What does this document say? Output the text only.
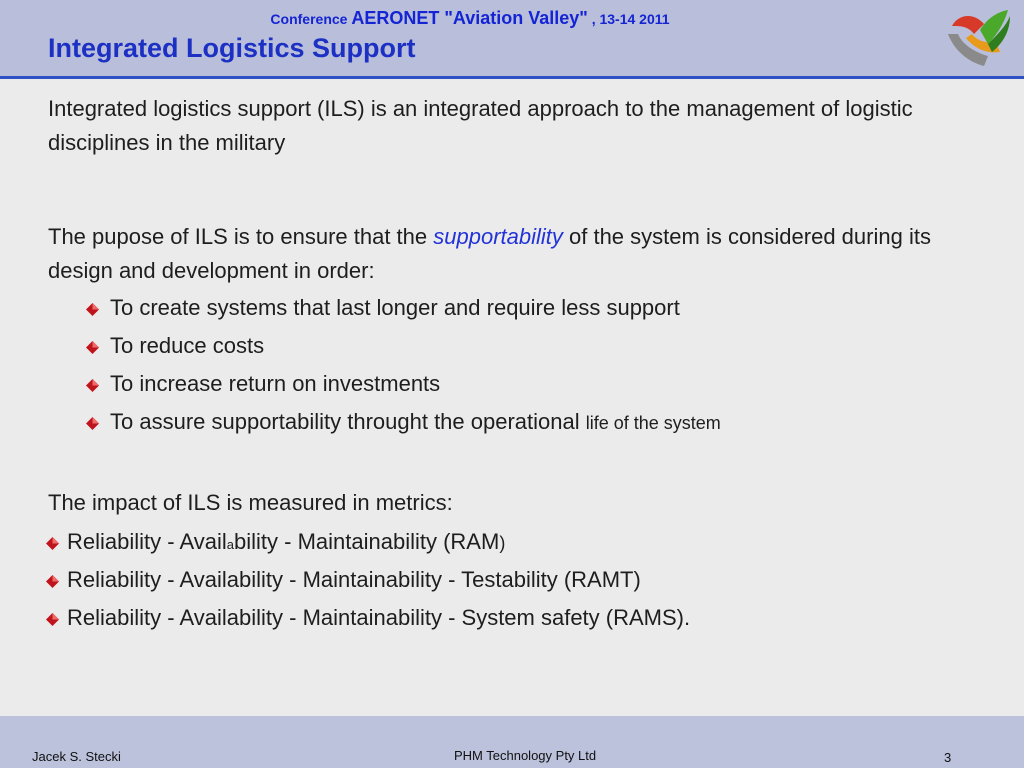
Conference AERONET "Aviation Valley" , 13-14 2011
Integrated Logistics Support
Integrated logistics support (ILS) is an integrated approach to the management of logistic disciplines in the military
The pupose of ILS is to ensure that the supportability of the system is considered during its design and development in order:
To create systems that last longer and require less support
To reduce costs
To increase return on investments
To assure supportability throught the operational life of the system
The impact of ILS is measured in metrics:
Reliability - Availability - Maintainability (RAM)
Reliability - Availability - Maintainability - Testability (RAMT)
Reliability - Availability - Maintainability - System safety (RAMS).
Jacek S. Stecki	PHM Technology Pty Ltd	3
